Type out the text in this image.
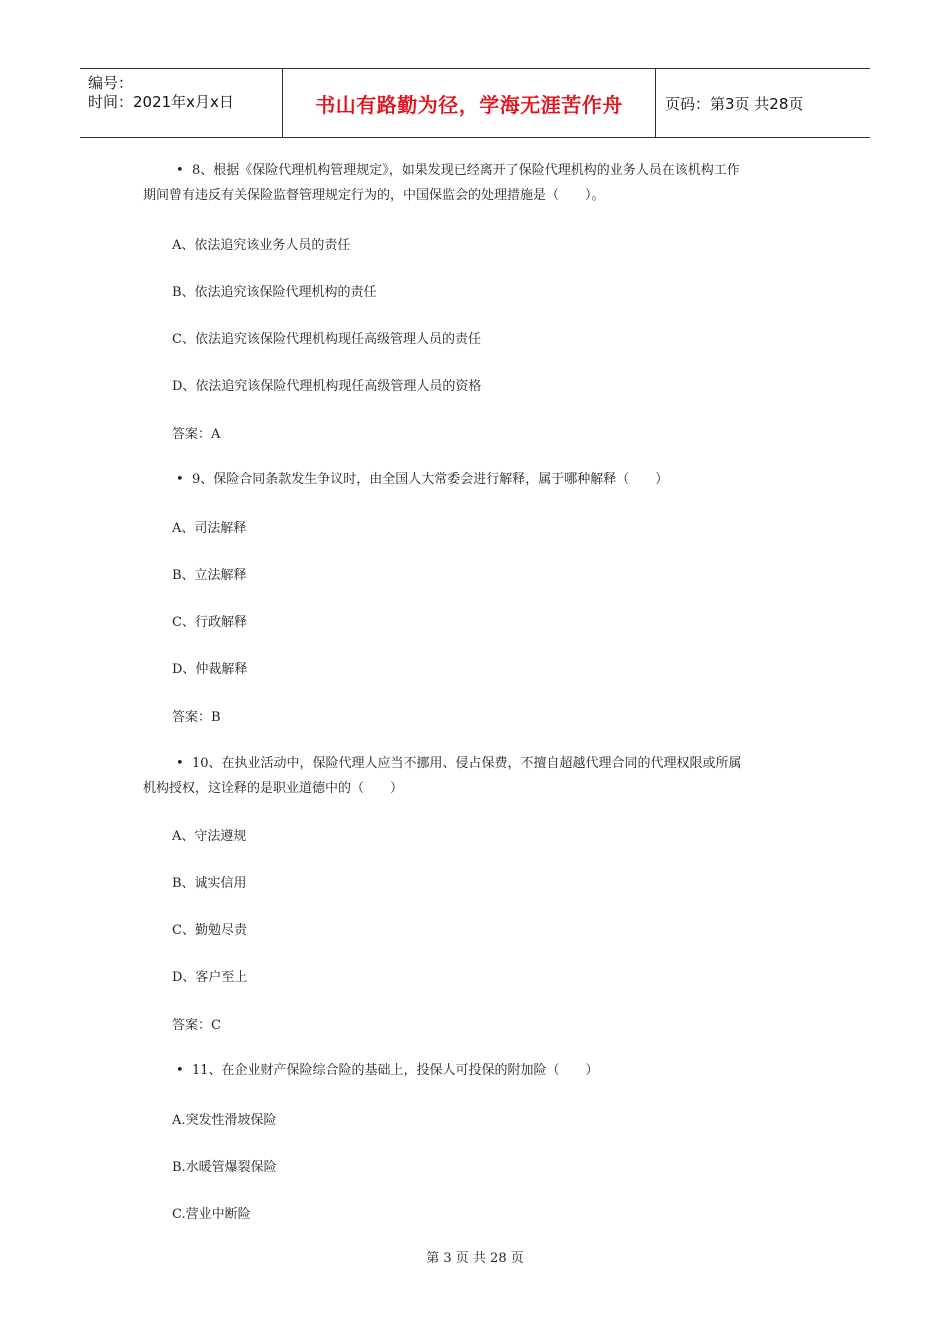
编号：
时间：2021年x月x日	书山有路勤为径，学海无涯苦作舟	页码：第3页 共28页
• 8、根据《保险代理机构管理规定》，如果发现已经离开了保险代理机构的业务人员在该机构工作
期间曾有违反有关保险监督管理规定行为的，中国保监会的处理措施是（　　）。
A、依法追究该业务人员的责任
B、依法追究该保险代理机构的责任
C、依法追究该保险代理机构现任高级管理人员的责任
D、依法追究该保险代理机构现任高级管理人员的资格
答案：A
• 9、保险合同条款发生争议时，由全国人大常委会进行解释，属于哪种解释（　　）
A、司法解释
B、立法解释
C、行政解释
D、仲裁解释
答案：B
• 10、在执业活动中，保险代理人应当不挪用、侵占保费，不擅自超越代理合同的代理权限或所属
机构授权，这诠释的是职业道德中的（　　）
A、守法遵规
B、诚实信用
C、勤勉尽责
D、客户至上
答案：C
• 11、在企业财产保险综合险的基础上，投保人可投保的附加险（　　）
A.突发性滑坡保险
B.水暖管爆裂保险
C.营业中断险
第 3 页 共 28 页
